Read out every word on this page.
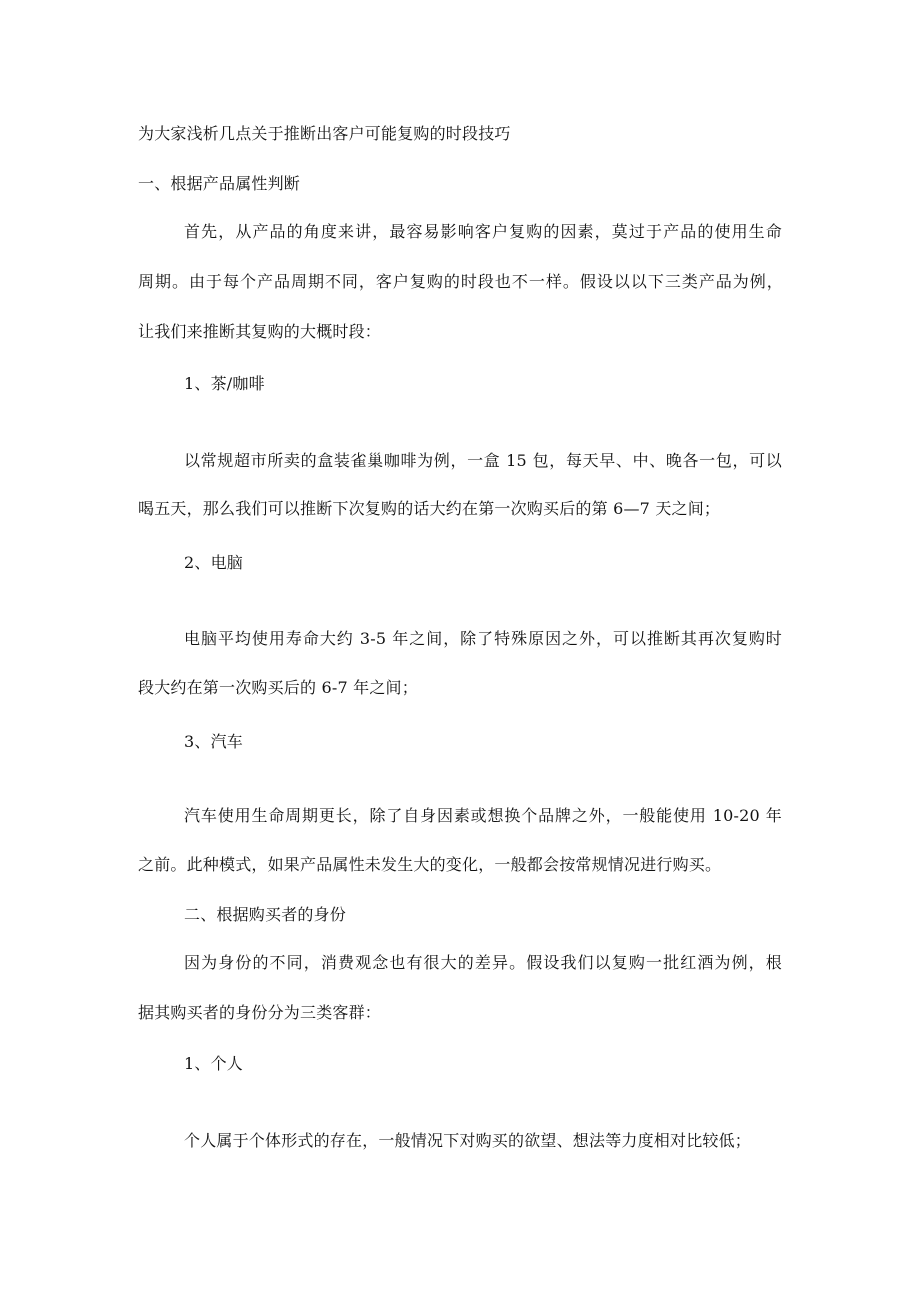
为大家浅析几点关于推断出客户可能复购的时段技巧
一、根据产品属性判断
首先，从产品的角度来讲，最容易影响客户复购的因素，莫过于产品的使用生命
周期。由于每个产品周期不同，客户复购的时段也不一样。假设以以下三类产品为例，
让我们来推断其复购的大概时段：
1、茶/咖啡
以常规超市所卖的盒装雀巢咖啡为例，一盒 15 包，每天早、中、晚各一包，可以
喝五天，那么我们可以推断下次复购的话大约在第一次购买后的第 6—7 天之间；
2、电脑
电脑平均使用寿命大约 3-5 年之间，除了特殊原因之外，可以推断其再次复购时
段大约在第一次购买后的 6-7 年之间；
3、汽车
汽车使用生命周期更长，除了自身因素或想换个品牌之外，一般能使用 10-20 年
之前。此种模式，如果产品属性未发生大的变化，一般都会按常规情况进行购买。
二、根据购买者的身份
因为身份的不同，消费观念也有很大的差异。假设我们以复购一批红酒为例，根
据其购买者的身份分为三类客群：
1、个人
个人属于个体形式的存在，一般情况下对购买的欲望、想法等力度相对比较低；
